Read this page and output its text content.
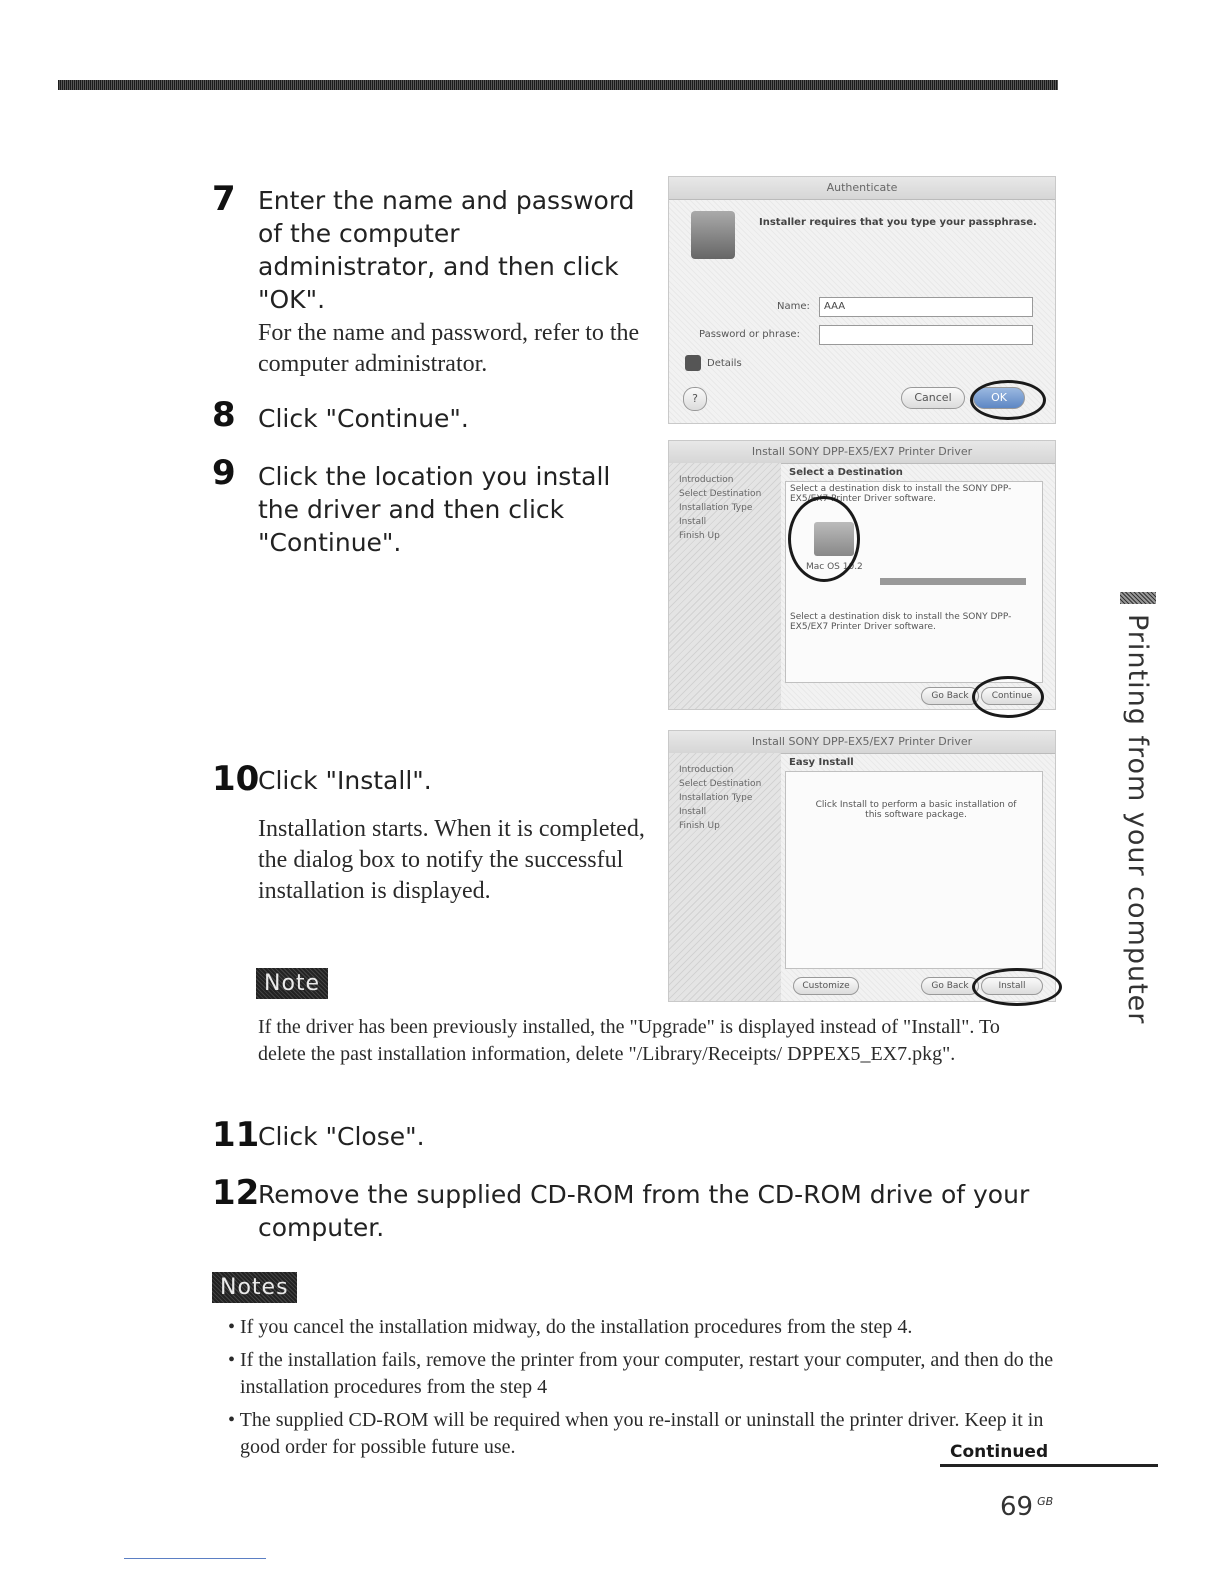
7 Enter the name and password of the computer administrator, and then click "OK".

For the name and password, refer to the computer administrator.

8 Click "Continue".

9 Click the location you install the driver and then click "Continue".

10

Click "Install".

Installation starts. When it is completed, the dialog box to notify the successful installation is displayed.

Note

If the driver has been previously installed, the "Upgrade" is displayed instead of "Install". To delete the past installation information, delete "/Library/Receipts/ DPPEX5_EX7.pkg".

11

Click "Close".

12

Remove the supplied CD-ROM from the CD-ROM drive of your computer.

Notes
• If you cancel the installation midway, do the installation procedures from the step 4.
• If the installation fails, remove the printer from your computer, restart your computer, and then do the installation procedures from the step 4
• The supplied CD-ROM will be required when you re-install or uninstall the printer driver. Keep it in good order for possible future use.
Authenticate
Installer requires that you type your passphrase.
Name:	AAA
Password or phrase:
Details
?	Cancel	OK
Install SONY DPP-EX5/EX7 Printer Driver
Introduction
Select Destination
Installation Type
Install
Finish Up
Select a Destination
Select a destination disk to install the SONY DPP-EX5/EX7 Printer Driver software.
Mac OS 10.2
Select a destination disk to install the SONY DPP-EX5/EX7 Printer Driver software.
Go Back	Continue
Install SONY DPP-EX5/EX7 Printer Driver
Introduction
Select Destination
Installation Type
Install
Finish Up
Easy Install
Click Install to perform a basic installation of this software package.
Customize	Go Back	Install	Printing from your computer
Continued
69 $^{GB}$
